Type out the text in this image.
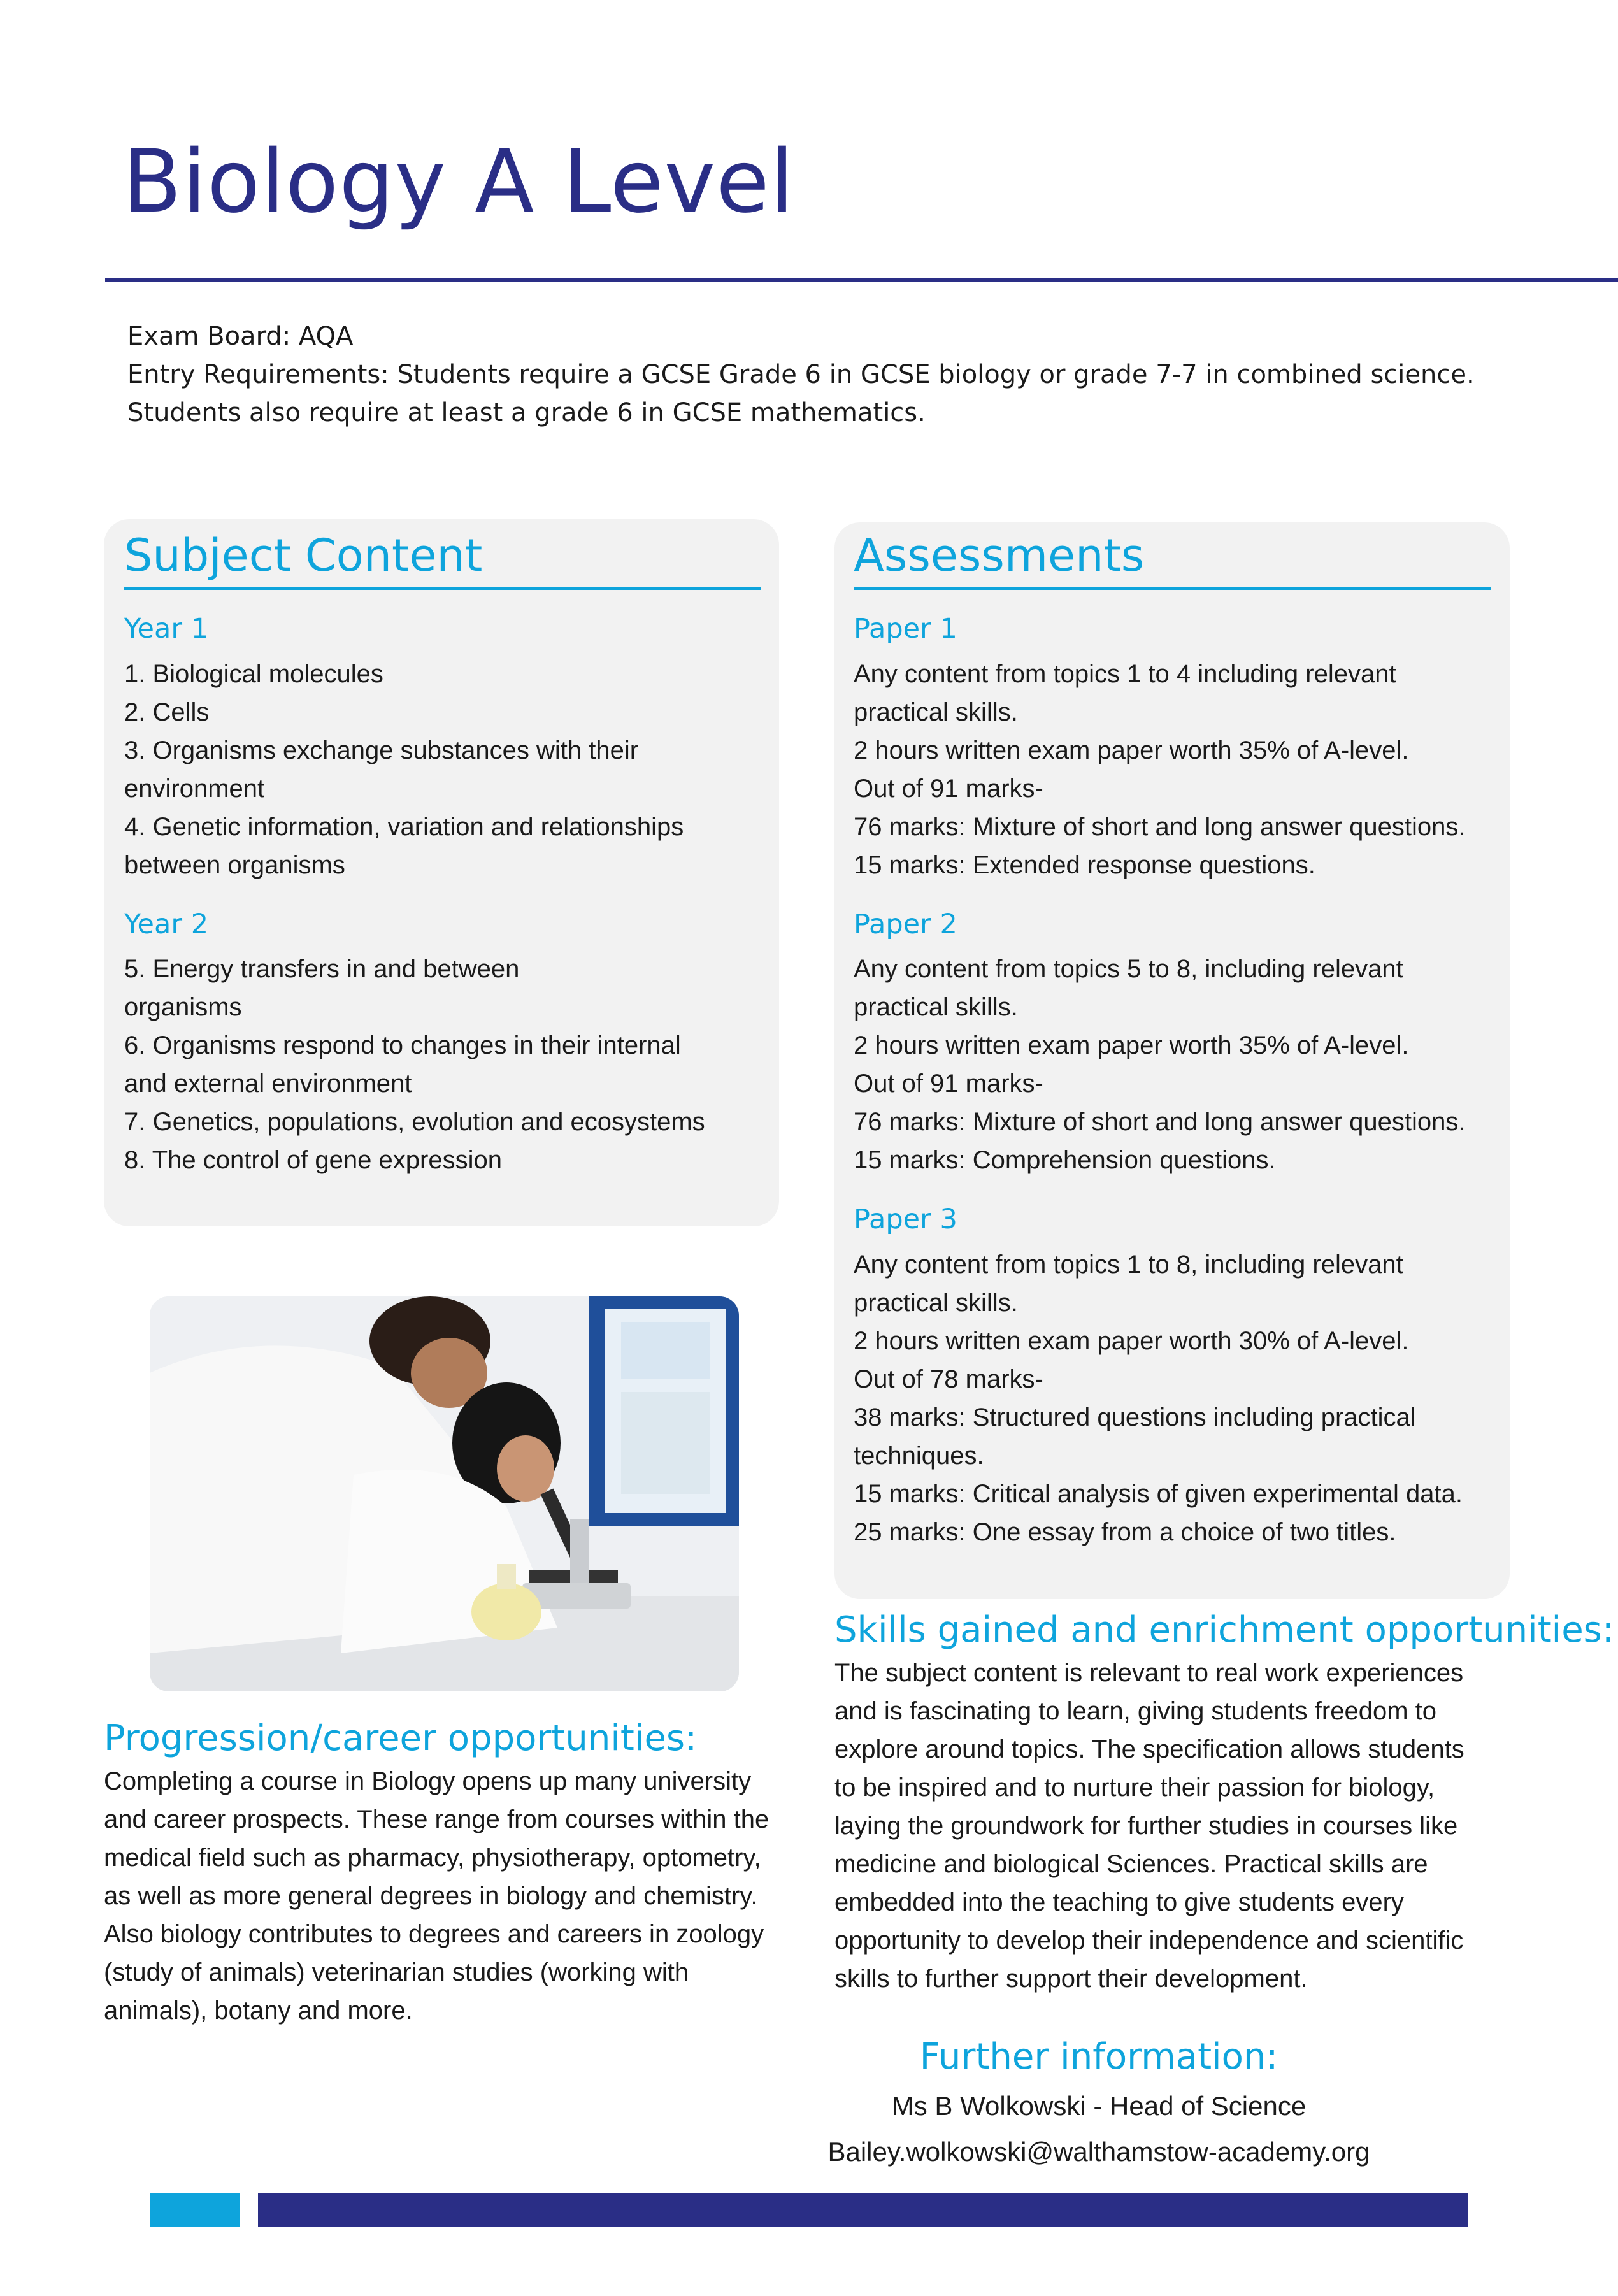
Biology A Level
Exam Board: AQA
Entry Requirements: Students require a GCSE Grade 6 in GCSE biology or grade 7-7 in combined science.
Students also require at least a grade 6 in GCSE mathematics.
Subject Content
Year 1
1. Biological molecules
2. Cells
3. Organisms exchange substances with their
environment
4. Genetic information, variation and relationships
between organisms
Year 2
5. Energy transfers in and between
organisms
6. Organisms respond to changes in their internal
and external environment
7. Genetics, populations, evolution and ecosystems
8. The control of gene expression
Assessments
Paper 1
Any content from topics 1 to 4 including relevant
practical skills.
2 hours written exam paper worth 35% of A-level.
Out of 91 marks-
76 marks: Mixture of short and long answer questions.
15 marks: Extended response questions.
Paper 2
Any content from topics 5 to 8, including relevant
practical skills.
2 hours written exam paper worth 35% of A-level.
Out of 91 marks-
76 marks: Mixture of short and long answer questions.
15 marks: Comprehension questions.
Paper 3
Any content from topics 1 to 8, including relevant
practical skills.
2 hours written exam paper worth 30% of A-level.
Out of 78 marks-
38 marks: Structured questions including practical
techniques.
15 marks: Critical analysis of given experimental data.
25 marks: One essay from a choice of two titles.
Skills gained and enrichment opportunities:
The subject content is relevant to real work experiences
and is fascinating to learn, giving students freedom to
explore around topics. The specification allows students
to be inspired and to nurture their passion for biology,
laying the groundwork for further studies in courses like
medicine and biological Sciences. Practical skills are
embedded into the teaching to give students every
opportunity to develop their independence and scientific
skills to further support their development.
Progression/career opportunities:
Completing a course in Biology opens up many university
and career prospects. These range from courses within the
medical field such as pharmacy, physiotherapy, optometry,
as well as more general degrees in biology and chemistry.
Also biology contributes to degrees and careers in zoology
(study of animals) veterinarian studies (working with
animals), botany and more.
Further information:
Ms B Wolkowski - Head of Science
Bailey.wolkowski@walthamstow-academy.org
